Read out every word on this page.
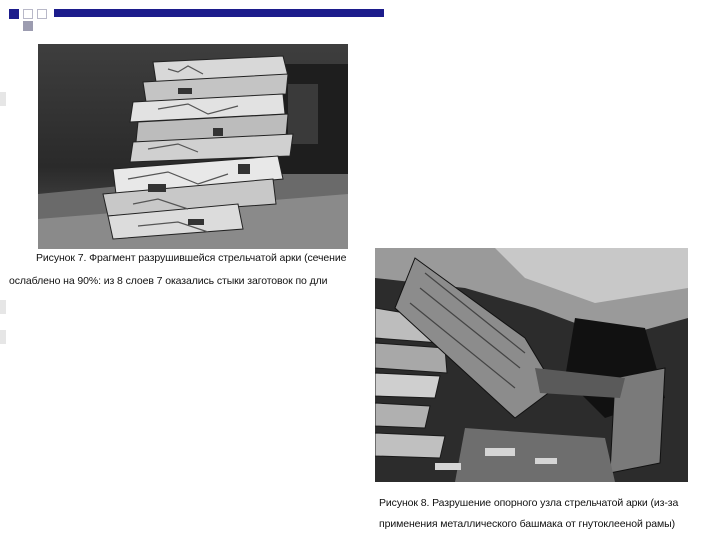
Рисунок 7. Фрагмент разрушившейся стрельчатой арки (сечение
ослаблено на 90%: из 8 слоев 7 оказались стыки заготовок по дли
Рисунок 8. Разрушение опорного узла стрельчатой арки (из-за
применения металлического башмака от гнутоклееной рамы)
